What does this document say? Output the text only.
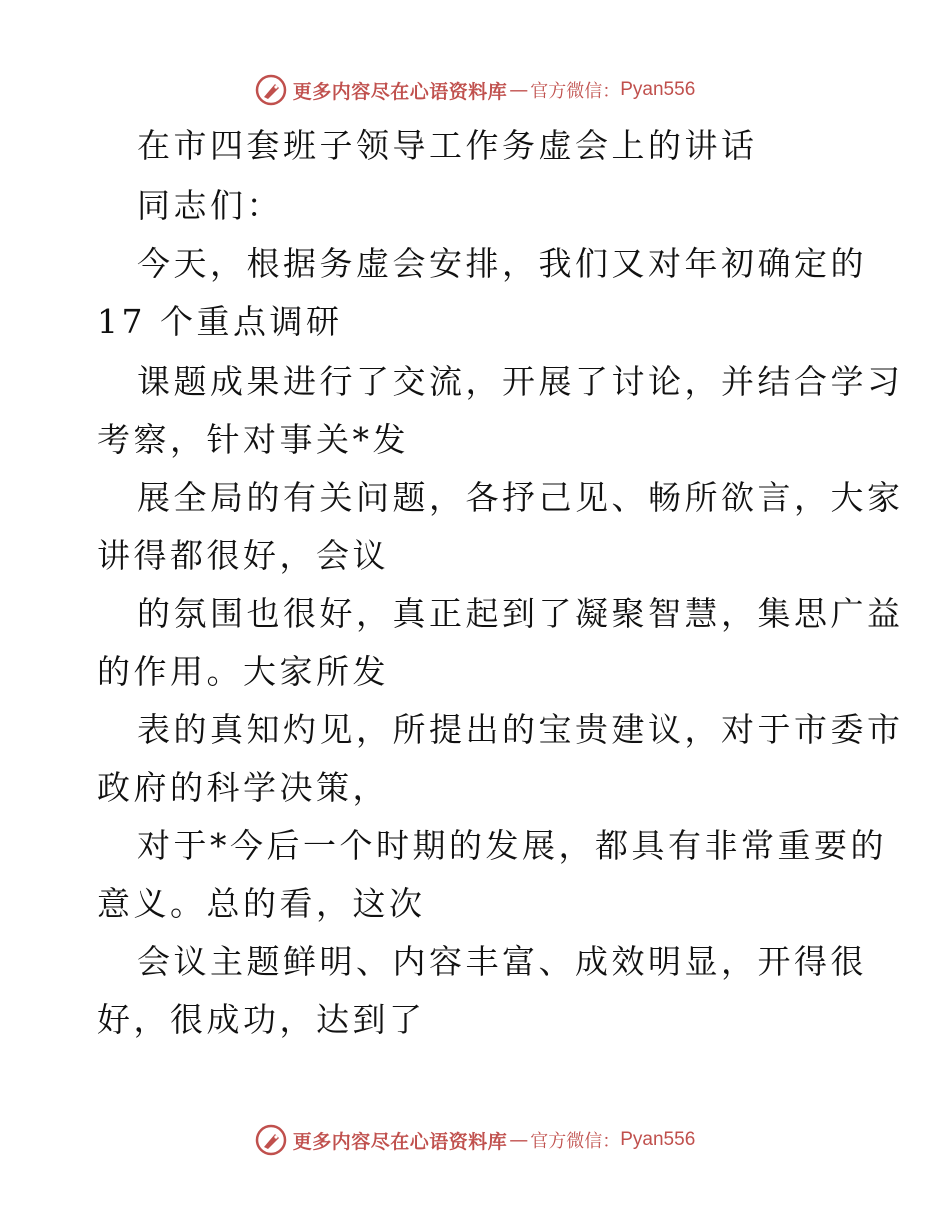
更多内容尽在心语资料库 — 官方微信： Pyan556
在市四套班子领导工作务虚会上的讲话
同志们：
今天，根据务虚会安排，我们又对年初确定的
17 个重点调研
课题成果进行了交流，开展了讨论，并结合学习
考察，针对事关*发
展全局的有关问题，各抒己见、畅所欲言，大家
讲得都很好，会议
的氛围也很好，真正起到了凝聚智慧，集思广益
的作用。大家所发
表的真知灼见，所提出的宝贵建议，对于市委市
政府的科学决策，
对于*今后一个时期的发展，都具有非常重要的
意义。总的看，这次
会议主题鲜明、内容丰富、成效明显，开得很
好，很成功，达到了
更多内容尽在心语资料库 — 官方微信： Pyan556
